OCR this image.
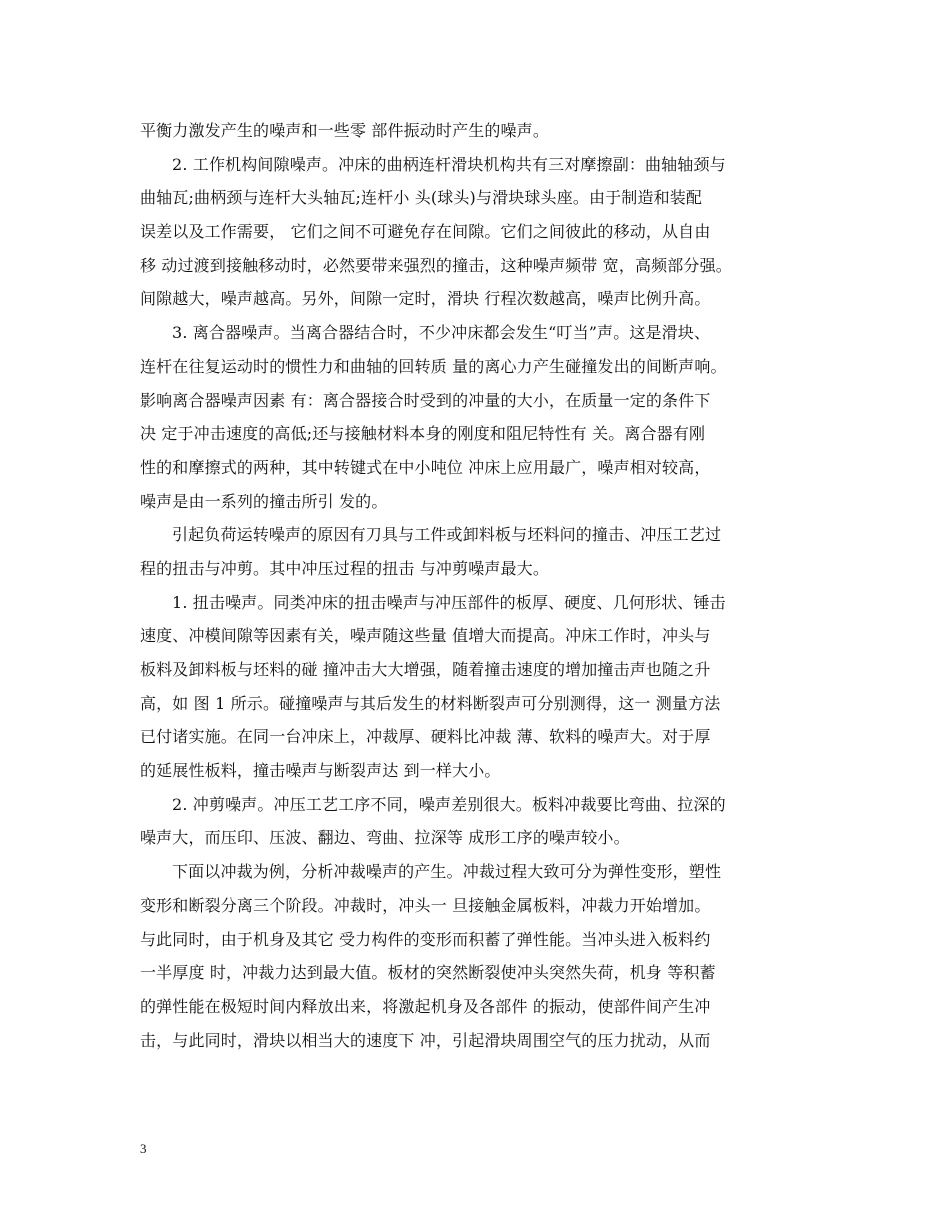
平衡力激发产生的噪声和一些零 部件振动时产生的噪声。
2. 工作机构间隙噪声。冲床的曲柄连杆滑块机构共有三对摩擦副：曲轴轴颈与
曲轴瓦;曲柄颈与连杆大头轴瓦;连杆小 头(球头)与滑块球头座。由于制造和装配
误差以及工作需要， 它们之间不可避免存在间隙。它们之间彼此的移动，从自由
移 动过渡到接触移动时，必然要带来强烈的撞击，这种噪声频带 宽，高频部分强。
间隙越大，噪声越高。另外，间隙一定时，滑块 行程次数越高，噪声比例升高。
3. 离合器噪声。当离合器结合时，不少冲床都会发生“叮当”声。这是滑块、
连杆在往复运动时的惯性力和曲轴的回转质 量的离心力产生碰撞发出的间断声响。
影响离合器噪声因素 有：离合器接合时受到的冲量的大小，在质量一定的条件下
决 定于冲击速度的高低;还与接触材料本身的刚度和阻尼特性有 关。离合器有刚
性的和摩擦式的两种，其中转键式在中小吨位 冲床上应用最广，噪声相对较高，
噪声是由一系列的撞击所引 发的。
引起负荷运转噪声的原因有刀具与工件或卸料板与坯料问的撞击、冲压工艺过
程的扭击与冲剪。其中冲压过程的扭击 与冲剪噪声最大。
1. 扭击噪声。同类冲床的扭击噪声与冲压部件的板厚、硬度、几何形状、锤击
速度、冲模间隙等因素有关，噪声随这些量 值增大而提高。冲床工作时，冲头与
板料及卸料板与坯料的碰 撞冲击大大增强，随着撞击速度的增加撞击声也随之升
高，如 图 1 所示。碰撞噪声与其后发生的材料断裂声可分别测得，这一 测量方法
已付诸实施。在同一台冲床上，冲裁厚、硬料比冲裁 薄、软料的噪声大。对于厚
的延展性板料，撞击噪声与断裂声达 到一样大小。
2. 冲剪噪声。冲压工艺工序不同，噪声差别很大。板料冲裁要比弯曲、拉深的
噪声大，而压印、压波、翻边、弯曲、拉深等 成形工序的噪声较小。
下面以冲裁为例，分析冲裁噪声的产生。冲裁过程大致可分为弹性变形，塑性
变形和断裂分离三个阶段。冲裁时，冲头一 旦接触金属板料，冲裁力开始增加。
与此同时，由于机身及其它 受力构件的变形而积蓄了弹性能。当冲头进入板料约
一半厚度 时，冲裁力达到最大值。板材的突然断裂使冲头突然失荷，机身 等积蓄
的弹性能在极短时间内释放出来，将激起机身及各部件 的振动，使部件间产生冲
击，与此同时，滑块以相当大的速度下 冲，引起滑块周围空气的压力扰动，从而
3
